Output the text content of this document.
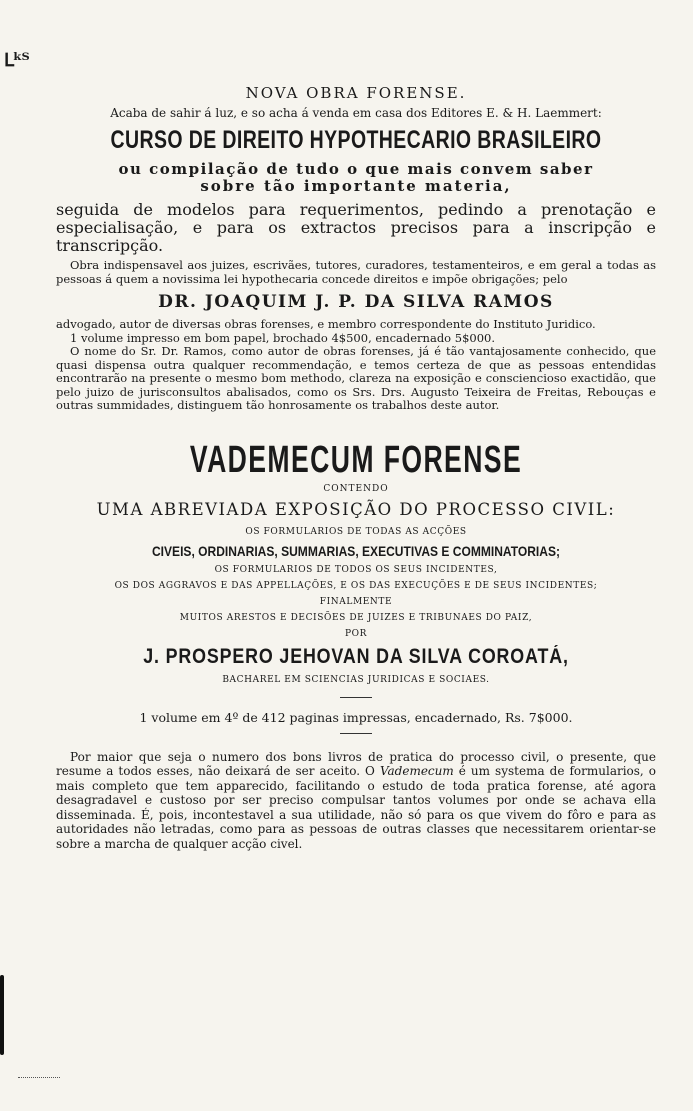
ᒪᵏᵀ

NOVA OBRA FORENSE.

Acaba de sahir á luz, e so acha á venda em casa dos Editores E. & H. Laemmert:

CURSO DE DIREITO HYPOTHECARIO BRASILEIRO

ou compilação de tudo o que mais convem saber

sobre tão importante materia,

seguida de modelos para requerimentos, pedindo a prenotação e especialisação, e para os extractos precisos para a inscripção e transcripção.

Obra indispensavel aos juizes, escrivães, tutores, curadores, testamenteiros, e em geral a todas as pessoas á quem a novissima lei hypothecaria concede direitos e impõe obrigações; pelo

DR. JOAQUIM J. P. DA SILVA RAMOS

advogado, autor de diversas obras forenses, e membro correspondente do Instituto Juridico.

1 volume impresso em bom papel, brochado 4$500, encadernado 5$000.

O nome do Sr. Dr. Ramos, como autor de obras forenses, já é tão vantajosamente conhecido, que quasi dispensa outra qualquer recommendação, e temos certeza de que as pessoas entendidas encontrarão na presente o mesmo bom methodo, clareza na exposição e consciencioso exactidão, que pelo juizo de jurisconsultos abalisados, como os Srs. Drs. Augusto Teixeira de Freitas, Rebouças e outras summidades, distinguem tão honrosamente os trabalhos deste autor.

VADEMECUM FORENSE

CONTENDO

UMA ABREVIADA EXPOSIÇÃO DO PROCESSO CIVIL:

OS FORMULARIOS DE TODAS AS ACÇÕES

CIVEIS, ORDINARIAS, SUMMARIAS, EXECUTIVAS E COMMINATORIAS;

OS FORMULARIOS DE TODOS OS SEUS INCIDENTES,

OS DOS AGGRAVOS E DAS APPELLAÇÕES, E OS DAS EXECUÇÕES E DE SEUS INCIDENTES;

FINALMENTE

MUITOS ARESTOS E DECISÕES DE JUIZES E TRIBUNAES DO PAIZ,

POR

J. PROSPERO JEHOVAN DA SILVA COROATÁ,

BACHAREL EM SCIENCIAS JURIDICAS E SOCIAES.

1 volume em 4º de 412 paginas impressas, encadernado, Rs. 7$000.

Por maior que seja o numero dos bons livros de pratica do processo civil, o presente, que resume a todos esses, não deixará de ser aceito. O Vademecum é um systema de formularios, o mais completo que tem apparecido, facilitando o estudo de toda pratica forense, até agora desagradavel e custoso por ser preciso compulsar tantos volumes por onde se achava ella disseminada. É, pois, incontestavel a sua utilidade, não só para os que vivem do fôro e para as autoridades não letradas, como para as pessoas de outras classes que necessitarem orientar-se sobre a marcha de qualquer acção civel.
